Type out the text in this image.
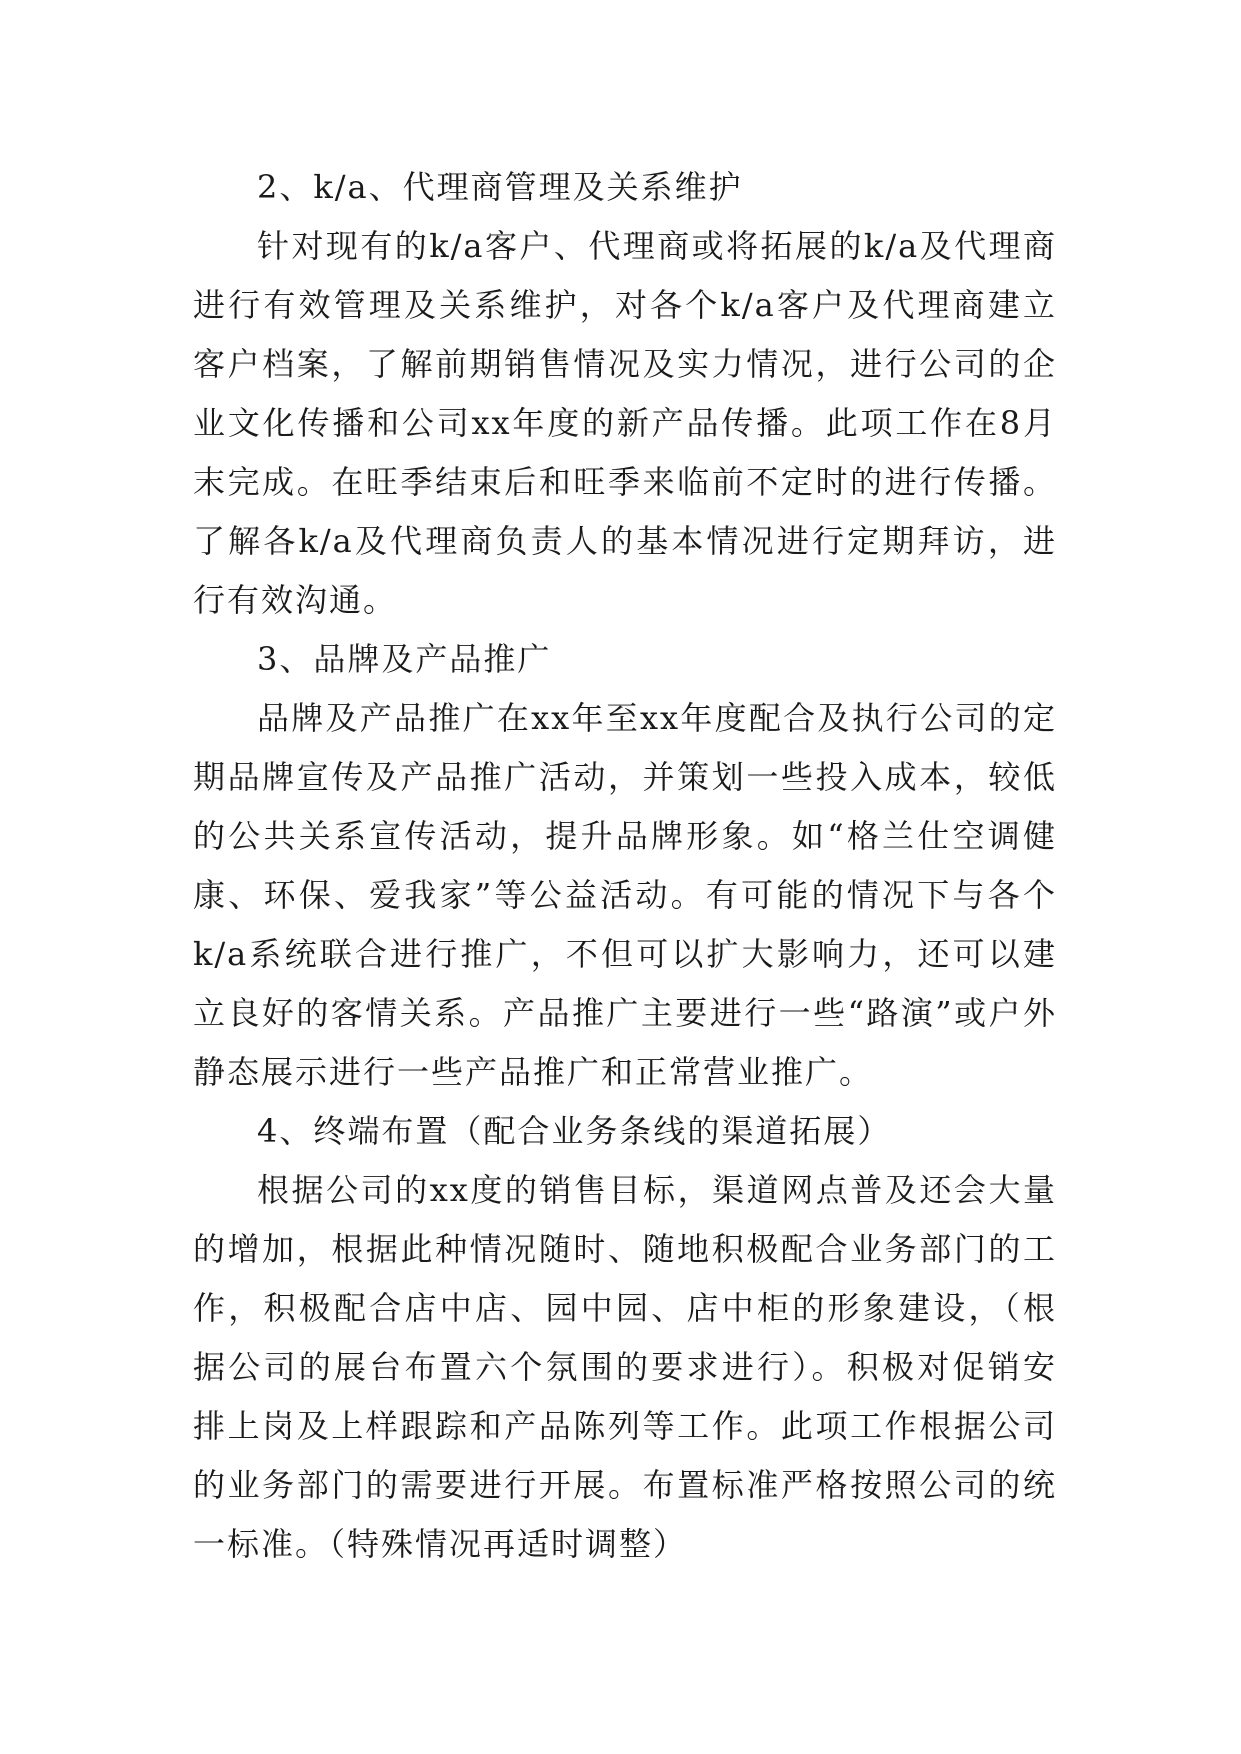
2、k/a、代理商管理及关系维护

针对现有的k/a客户、代理商或将拓展的k/a及代理商进行有效管理及关系维护，对各个k/a客户及代理商建立客户档案，了解前期销售情况及实力情况，进行公司的企业文化传播和公司xx年度的新产品传播。此项工作在8月末完成。在旺季结束后和旺季来临前不定时的进行传播。了解各k/a及代理商负责人的基本情况进行定期拜访，进行有效沟通。

3、品牌及产品推广

品牌及产品推广在xx年至xx年度配合及执行公司的定期品牌宣传及产品推广活动，并策划一些投入成本，较低的公共关系宣传活动，提升品牌形象。如“格兰仕空调健康、环保、爱我家”等公益活动。有可能的情况下与各个k/a系统联合进行推广，不但可以扩大影响力，还可以建立良好的客情关系。产品推广主要进行一些“路演”或户外静态展示进行一些产品推广和正常营业推广。

4、终端布置（配合业务条线的渠道拓展）

根据公司的xx度的销售目标，渠道网点普及还会大量的增加，根据此种情况随时、随地积极配合业务部门的工作，积极配合店中店、园中园、店中柜的形象建设，（根据公司的展台布置六个氛围的要求进行）。积极对促销安排上岗及上样跟踪和产品陈列等工作。此项工作根据公司的业务部门的需要进行开展。布置标准严格按照公司的统一标准。（特殊情况再适时调整）
